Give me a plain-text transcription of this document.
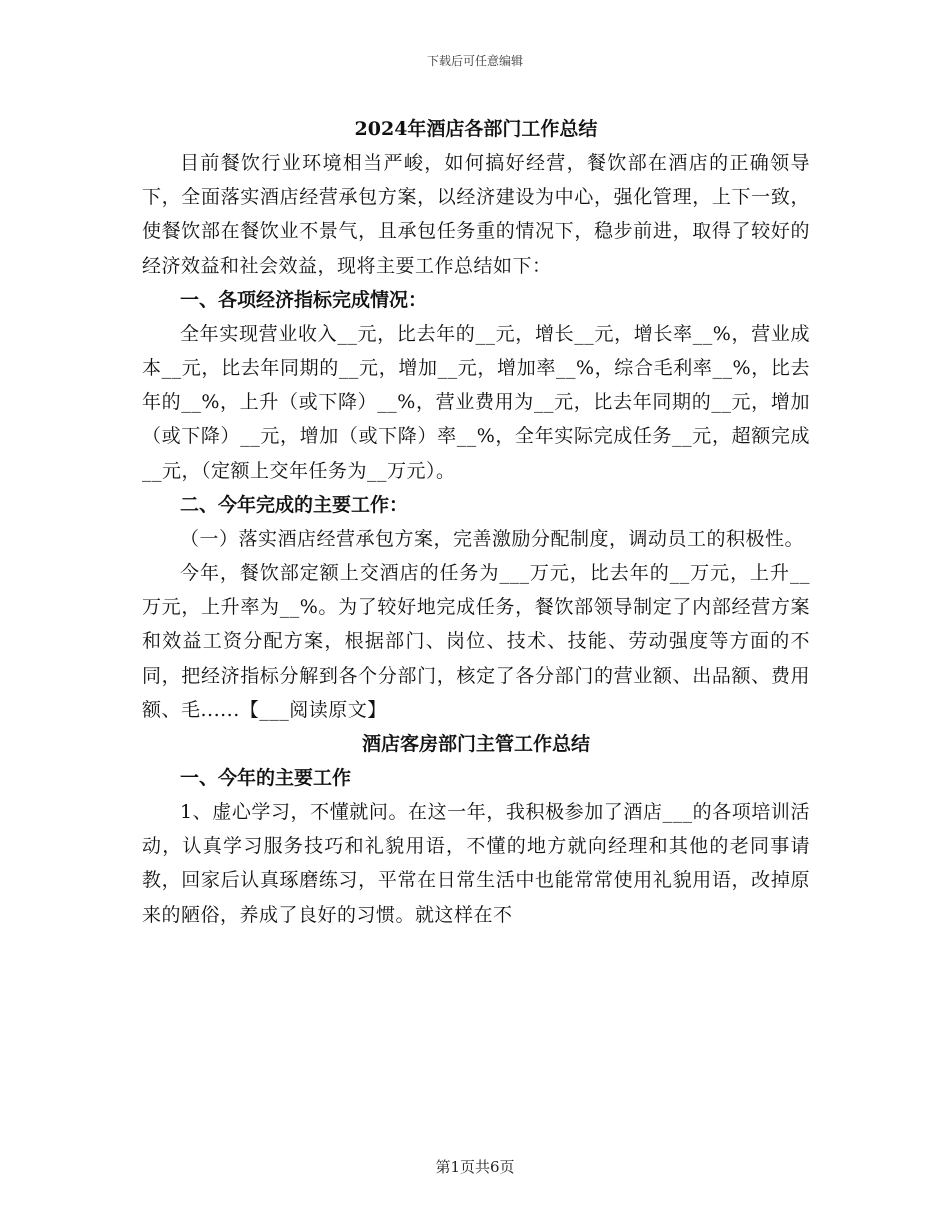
下载后可任意编辑

2024年酒店各部门工作总结

目前餐饮行业环境相当严峻，如何搞好经营，餐饮部在酒店的正确领导下，全面落实酒店经营承包方案，以经济建设为中心，强化管理，上下一致，使餐饮部在餐饮业不景气，且承包任务重的情况下，稳步前进，取得了较好的经济效益和社会效益，现将主要工作总结如下：

一、各项经济指标完成情况：

全年实现营业收入__元，比去年的__元，增长__元，增长率__%，营业成本__元，比去年同期的__元，增加__元，增加率__%，综合毛利率__%，比去年的__%，上升（或下降）__%，营业费用为__元，比去年同期的__元，增加（或下降）__元，增加（或下降）率__%，全年实际完成任务__元，超额完成__元，（定额上交年任务为__万元）。

二、今年完成的主要工作：

（一）落实酒店经营承包方案，完善激励分配制度，调动员工的积极性。

今年，餐饮部定额上交酒店的任务为___万元，比去年的__万元，上升__万元，上升率为__%。为了较好地完成任务，餐饮部领导制定了内部经营方案和效益工资分配方案，根据部门、岗位、技术、技能、劳动强度等方面的不同，把经济指标分解到各个分部门，核定了各分部门的营业额、出品额、费用额、毛......【___阅读原文】

酒店客房部门主管工作总结

一、今年的主要工作

1、虚心学习，不懂就问。在这一年，我积极参加了酒店___的各项培训活动，认真学习服务技巧和礼貌用语，不懂的地方就向经理和其他的老同事请教，回家后认真琢磨练习，平常在日常生活中也能常常使用礼貌用语，改掉原来的陋俗，养成了良好的习惯。就这样在不

第1页共6页
